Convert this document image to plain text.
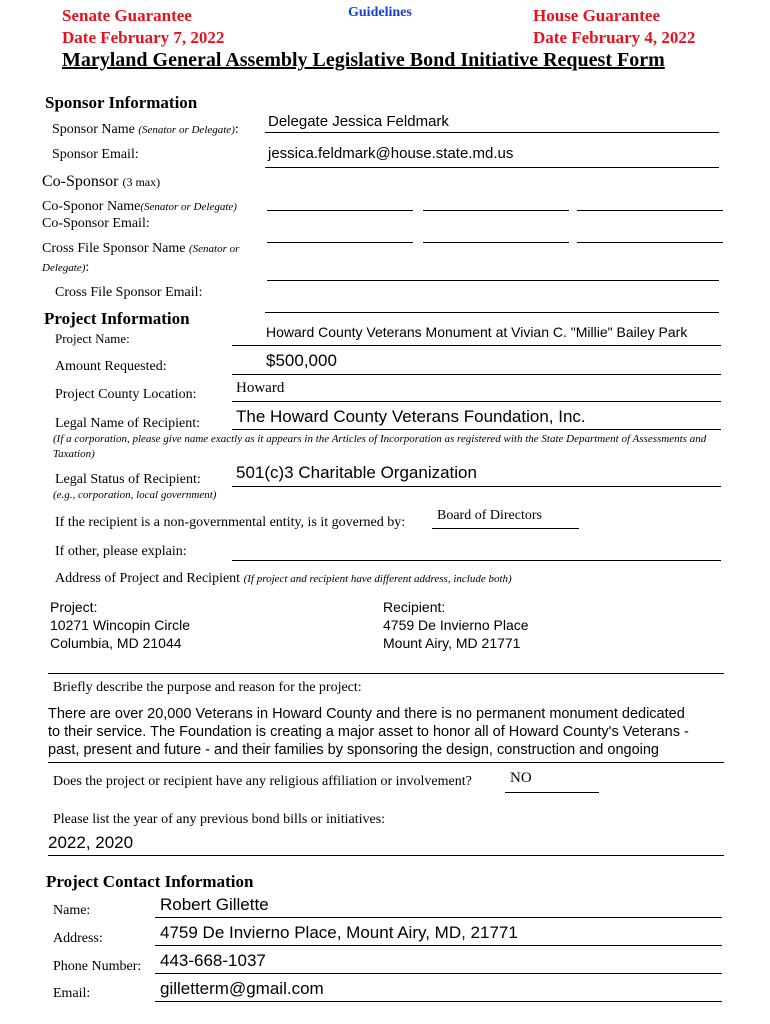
Senate Guarantee
Date February 7, 2022
Guidelines	House Guarantee
Date February 4, 2022
Maryland General Assembly Legislative Bond Initiative Request Form
Sponsor Information
Sponsor Name (Senator or Delegate): Delegate Jessica Feldmark
Sponsor Email:	jessica.feldmark@house.state.md.us
Co-Sponsor (3 max)
Co-Sponor Name(Senator or Delegate)
Co-Sponsor Email:
Cross File Sponsor Name (Senator or
Delegate):
Cross File Sponsor Email:
Project Information
Project Name:	Howard County Veterans Monument at Vivian C. "Millie" Bailey Park
Amount Requested:	$500,000
Project County Location:	Howard
Legal Name of Recipient: The Howard County Veterans Foundation, Inc.
(If a corporation, please give name exactly as it appears in the Articles of Incorporation as registered with the State Department of Assessments and Taxation)
Legal Status of Recipient: 501(c)3 Charitable Organization
(e.g., corporation, local government)
If the recipient is a non-governmental entity, is it governed by: Board of Directors
If other, please explain:
Address of Project and Recipient (If project and recipient have different address, include both)
Project:
10271 Wincopin Circle
Columbia, MD 21044
Recipient:
4759 De Invierno Place
Mount Airy, MD 21771
Briefly describe the purpose and reason for the project:
There are over 20,000 Veterans in Howard County and there is no permanent monument dedicated
to their service. The Foundation is creating a major asset to honor all of Howard County's Veterans -
past, present and future - and their families by sponsoring the design, construction and ongoing
Does the project or recipient have any religious affiliation or involvement?	NO
Please list the year of any previous bond bills or initiatives:
2022, 2020
Project Contact Information
Name:	Robert Gillette
Address:	4759 De Invierno Place, Mount Airy, MD, 21771
Phone Number: 443-668-1037
Email:	gilletterm@gmail.com
